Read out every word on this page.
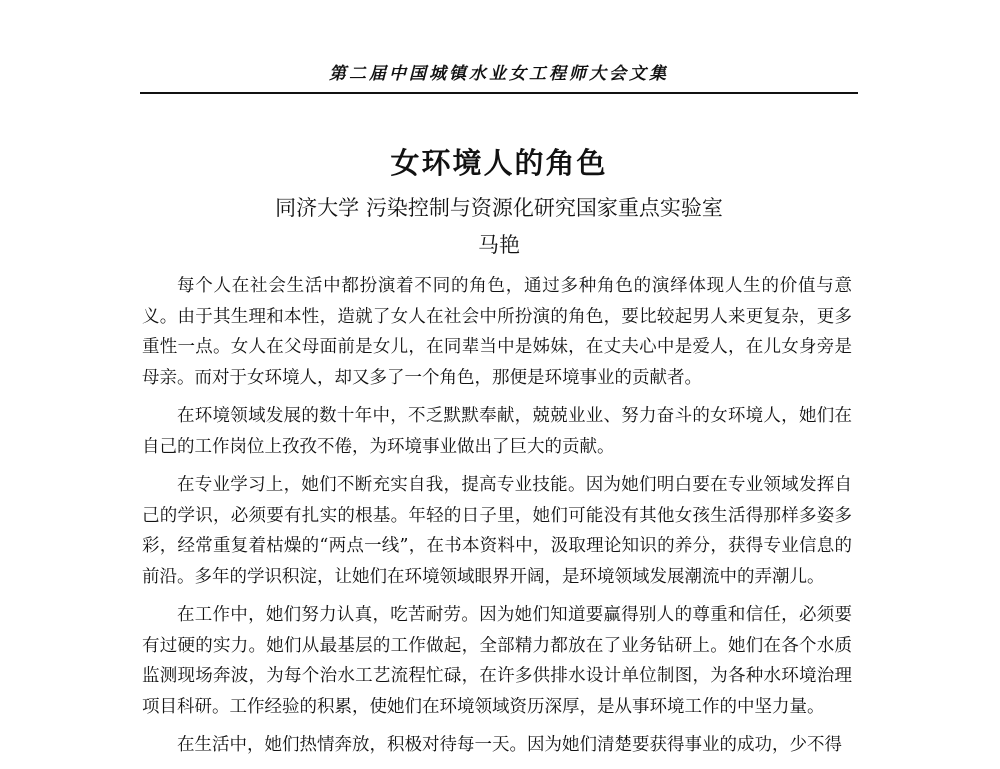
第二届中国城镇水业女工程师大会文集
女环境人的角色
同济大学 污染控制与资源化研究国家重点实验室
马艳

每个人在社会生活中都扮演着不同的角色，通过多种角色的演绎体现人生的价值与意义。由于其生理和本性，造就了女人在社会中所扮演的角色，要比较起男人来更复杂，更多重性一点。女人在父母面前是女儿，在同辈当中是姊妹，在丈夫心中是爱人，在儿女身旁是母亲。而对于女环境人，却又多了一个角色，那便是环境事业的贡献者。

在环境领域发展的数十年中，不乏默默奉献，兢兢业业、努力奋斗的女环境人，她们在自己的工作岗位上孜孜不倦，为环境事业做出了巨大的贡献。

在专业学习上，她们不断充实自我，提高专业技能。因为她们明白要在专业领域发挥自己的学识，必须要有扎实的根基。年轻的日子里，她们可能没有其他女孩生活得那样多姿多彩，经常重复着枯燥的“两点一线”，在书本资料中，汲取理论知识的养分，获得专业信息的前沿。多年的学识积淀，让她们在环境领域眼界开阔，是环境领域发展潮流中的弄潮儿。

在工作中，她们努力认真，吃苦耐劳。因为她们知道要赢得别人的尊重和信任，必须要有过硬的实力。她们从最基层的工作做起，全部精力都放在了业务钻研上。她们在各个水质监测现场奔波，为每个治水工艺流程忙碌，在许多供排水设计单位制图，为各种水环境治理项目科研。工作经验的积累，使她们在环境领域资历深厚，是从事环境工作的中坚力量。

在生活中，她们热情奔放，积极对待每一天。因为她们清楚要获得事业的成功，少不得
